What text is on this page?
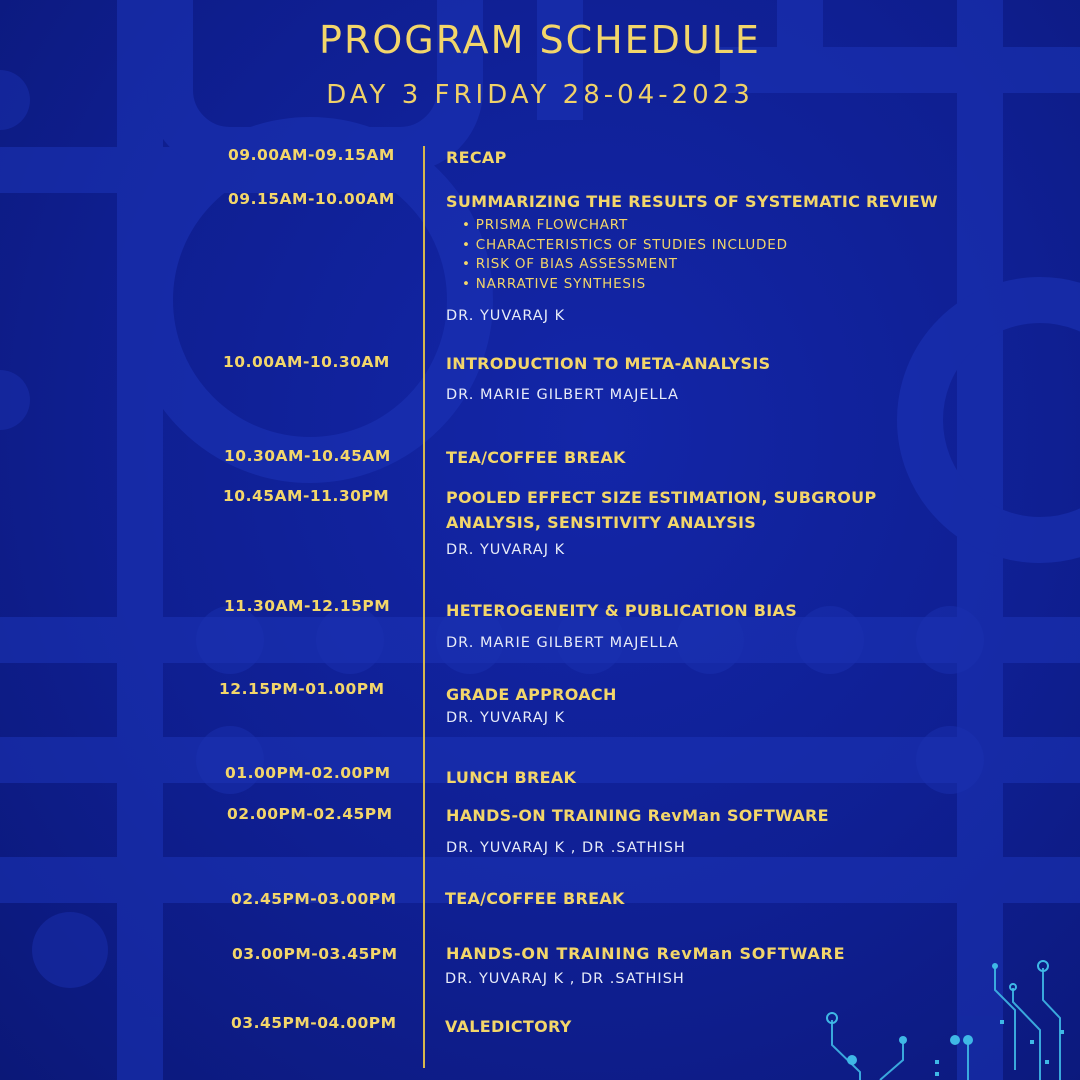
PROGRAM SCHEDULE
DAY 3 FRIDAY 28-04-2023
09.00AM-09.15AM	RECAP
09.15AM-10.00AM	SUMMARIZING THE RESULTS OF SYSTEMATIC REVIEW
• PRISMA FLOWCHART
• CHARACTERISTICS OF STUDIES INCLUDED
• RISK OF BIAS ASSESSMENT
• NARRATIVE SYNTHESIS
DR. YUVARAJ K
10.00AM-10.30AM	INTRODUCTION TO META-ANALYSIS
DR. MARIE GILBERT MAJELLA
10.30AM-10.45AM	TEA/COFFEE BREAK
10.45AM-11.30PM	POOLED EFFECT SIZE ESTIMATION, SUBGROUP ANALYSIS, SENSITIVITY ANALYSIS
DR. YUVARAJ K
11.30AM-12.15PM	HETEROGENEITY & PUBLICATION BIAS
DR. MARIE GILBERT MAJELLA
12.15PM-01.00PM	GRADE APPROACH
DR. YUVARAJ K
01.00PM-02.00PM	LUNCH BREAK
02.00PM-02.45PM	HANDS-ON TRAINING RevMan SOFTWARE
DR. YUVARAJ K , DR .SATHISH
02.45PM-03.00PM	TEA/COFFEE BREAK
03.00PM-03.45PM	HANDS-ON TRAINING RevMan SOFTWARE
DR. YUVARAJ K , DR .SATHISH
03.45PM-04.00PM	VALEDICTORY
